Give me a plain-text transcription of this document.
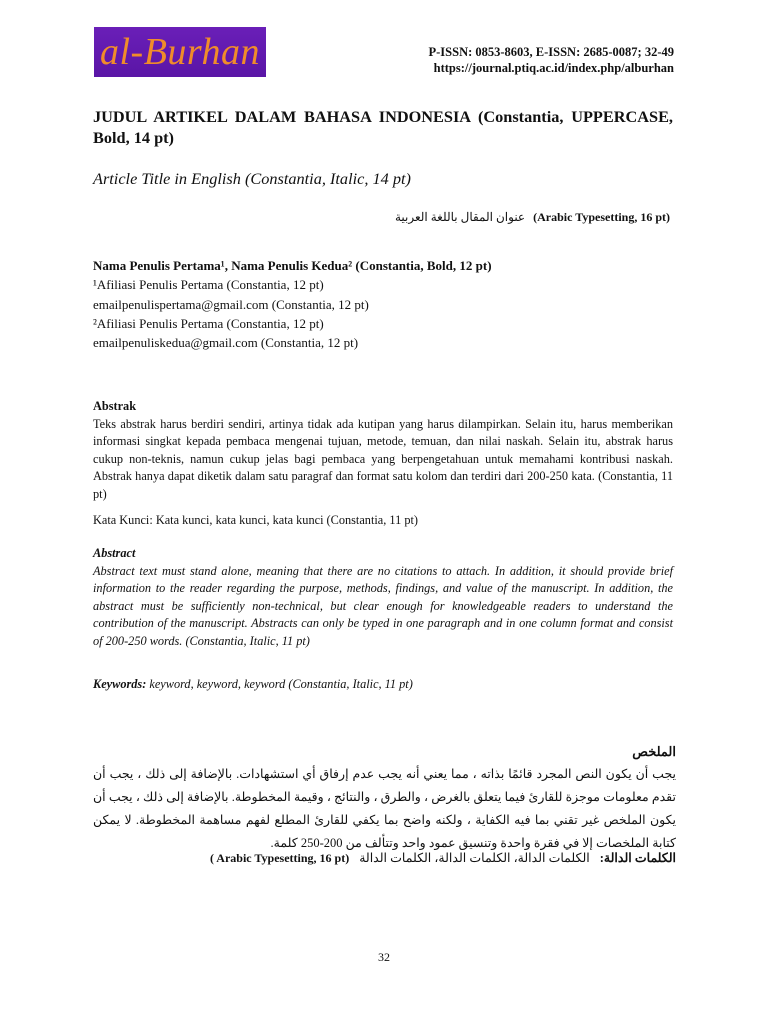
al-Burhan	P-ISSN: 0853-8603, E-ISSN: 2685-0087; 32-49
https://journal.ptiq.ac.id/index.php/alburhan
JUDUL ARTIKEL DALAM BAHASA INDONESIA (Constantia, UPPERCASE, Bold, 14 pt)
Article Title in English (Constantia, Italic, 14 pt)
عنوان المقال باللغة العربية (Arabic Typesetting, 16 pt)
Nama Penulis Pertama¹, Nama Penulis Kedua² (Constantia, Bold, 12 pt)
¹Afiliasi Penulis Pertama (Constantia, 12 pt)
emailpenulispertama@gmail.com (Constantia, 12 pt)
²Afiliasi Penulis Pertama (Constantia, 12 pt)
emailpenuliskedua@gmail.com (Constantia, 12 pt)
Abstrak

Teks abstrak harus berdiri sendiri, artinya tidak ada kutipan yang harus dilampirkan. Selain itu, harus memberikan informasi singkat kepada pembaca mengenai tujuan, metode, temuan, dan nilai naskah. Selain itu, abstrak harus cukup non-teknis, namun cukup jelas bagi pembaca yang berpengetahuan untuk memahami kontribusi naskah. Abstrak hanya dapat diketik dalam satu paragraf dan format satu kolom dan terdiri dari 200-250 kata. (Constantia, 11 pt)

Kata Kunci: Kata kunci, kata kunci, kata kunci (Constantia, 11 pt)
Abstract

Abstract text must stand alone, meaning that there are no citations to attach. In addition, it should provide brief information to the reader regarding the purpose, methods, findings, and value of the manuscript. In addition, the abstract must be sufficiently non-technical, but clear enough for knowledgeable readers to understand the contribution of the manuscript. Abstracts can only be typed in one paragraph and in one column format and consist of 200-250 words. (Constantia, Italic, 11 pt)

Keywords: keyword, keyword, keyword (Constantia, Italic, 11 pt)
الملخص

يجب أن يكون النص المجرد قائمًا بذاته ، مما يعني أنه يجب عدم إرفاق أي استشهادات. بالإضافة إلى ذلك ، يجب أن تقدم معلومات موجزة للقارئ فيما يتعلق بالغرض ، والطرق ، والنتائج ، وقيمة المخطوطة. بالإضافة إلى ذلك ، يجب أن يكون الملخص غير تقني بما فيه الكفاية ، ولكنه واضح بما يكفي للقارئ المطلع لفهم مساهمة المخطوطة. لا يمكن كتابة الملخصات إلا في فقرة واحدة وتنسيق عمود واحد وتتألف من 200-250 كلمة.

الكلمات الدالة:
الكلمات الدالة، الكلمات الدالة، الكلمات الدالة
( Arabic Typesetting, 16 pt)
32
